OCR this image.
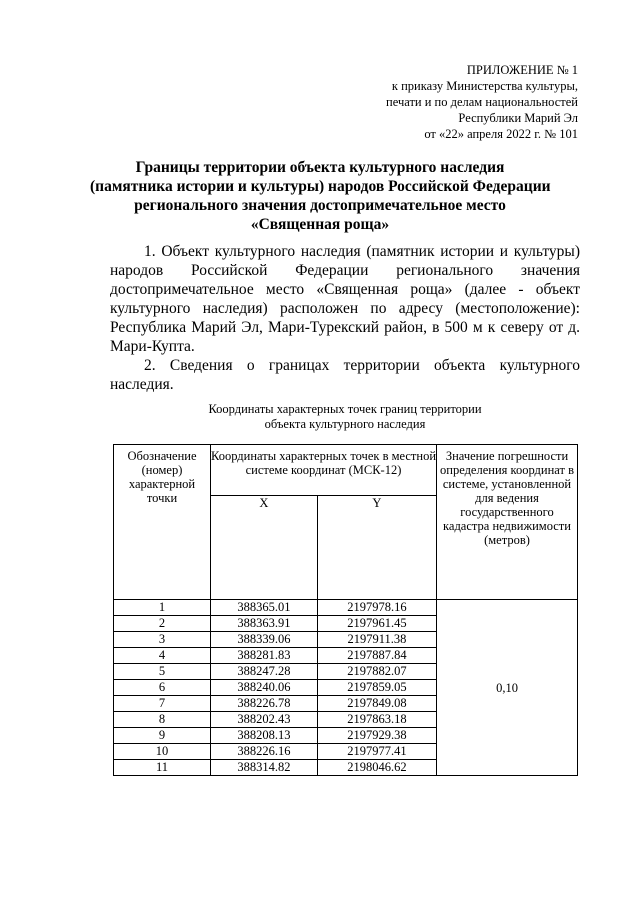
ПРИЛОЖЕНИЕ № 1
к приказу Министерства культуры,
печати и по делам национальностей
Республики Марий Эл
от «22» апреля 2022 г. № 101
Границы территории объекта культурного наследия
(памятника истории и культуры) народов Российской Федерации
регионального значения достопримечательное место
«Священная роща»

1. Объект культурного наследия (памятник истории и культуры) народов Российской Федерации регионального значения достопримечательное место «Священная роща» (далее - объект культурного наследия) расположен по адресу (местоположение): Республика Марий Эл, Мари-Турекский район, в 500 м к северу от д. Мари-Купта.

2. Сведения о границах территории объекта культурного наследия.

Координаты характерных точек границ территории
объекта культурного наследия
Обозначение (номер) характерной точки	Координаты характерных точек в местной системе координат (МСК-12)		Значение погрешности определения координат в системе, установленной для ведения государственного кадастра недвижимости (метров)
	X	Y	
1	388365.01	2197978.16	0,10
2	388363.91	2197961.45	
3	388339.06	2197911.38	
4	388281.83	2197887.84	
5	388247.28	2197882.07	
6	388240.06	2197859.05	
7	388226.78	2197849.08	
8	388202.43	2197863.18	
9	388208.13	2197929.38	
10	388226.16	2197977.41	
11	388314.82	2198046.62	
